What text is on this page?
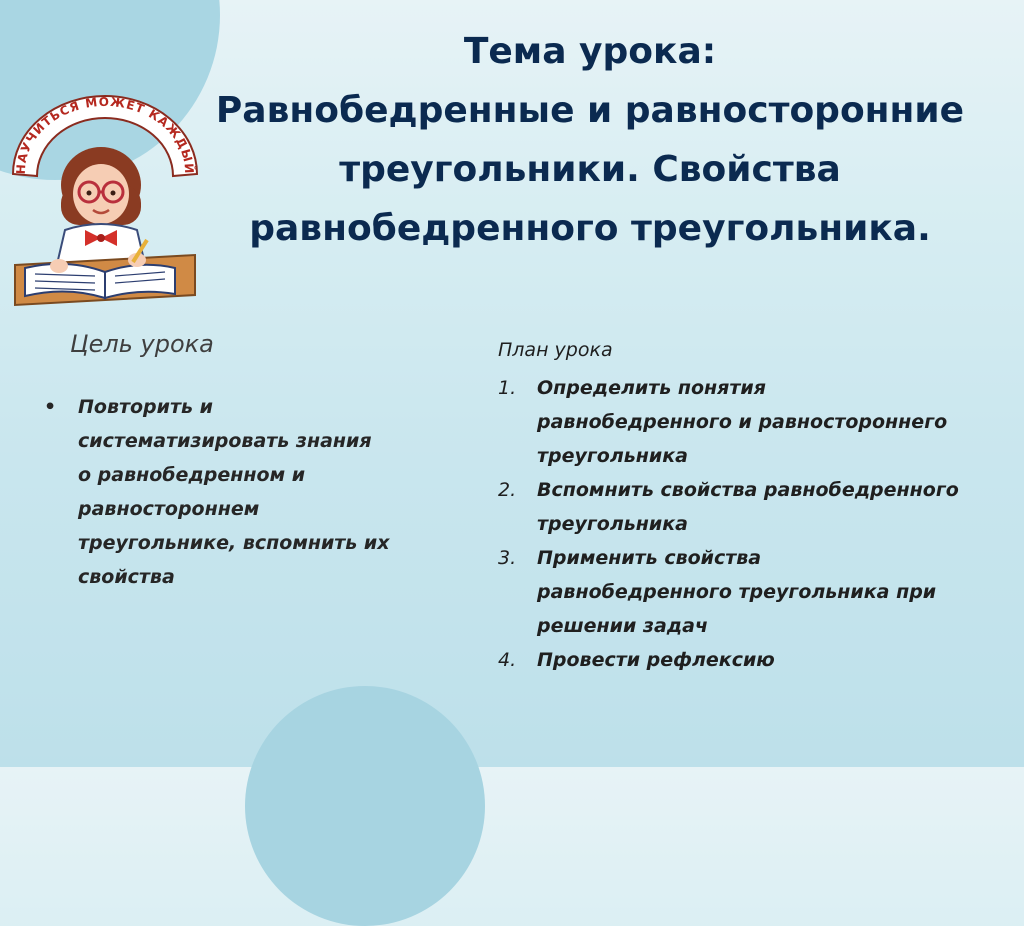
НАУЧИТЬСЯ МОЖЕТ КАЖДЫЙ
Тема урока:
Равнобедренные и равносторонние
треугольники. Свойства
равнобедренного треугольника.
Цель урока
• Повторить и
систематизировать знания
о равнобедренном и
равностороннем
треугольнике, вспомнить их
свойства
План урока
1. Определить понятия
равнобедренного и равностороннего
треугольника
2. Вспомнить свойства равнобедренного
треугольника
3. Применить свойства
равнобедренного треугольника при
решении задач
4. Провести рефлексию
